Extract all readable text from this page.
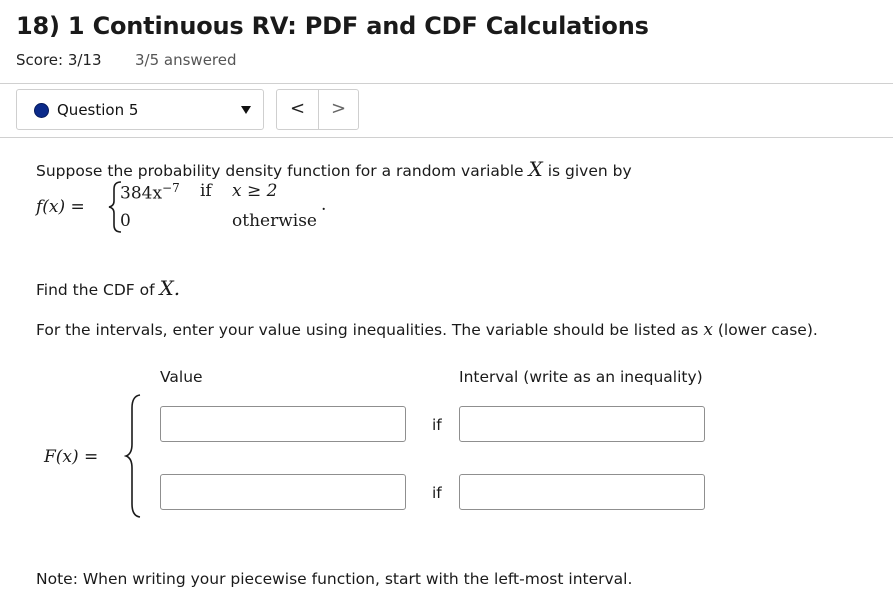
18) 1 Continuous RV: PDF and CDF Calculations
Score: 3/13 3/5 answered
Question 5	<	>
Suppose the probability density function for a random variable X is given by
f(x) =
$384x^{-7}$ if x ≥ 2
0	otherwise
.
Find the CDF of X.
For the intervals, enter your value using inequalities. The variable should be listed as x (lower case).
Value	Interval (write as an inequality)
F(x) =
if
if
Note: When writing your piecewise function, start with the left-most interval.
